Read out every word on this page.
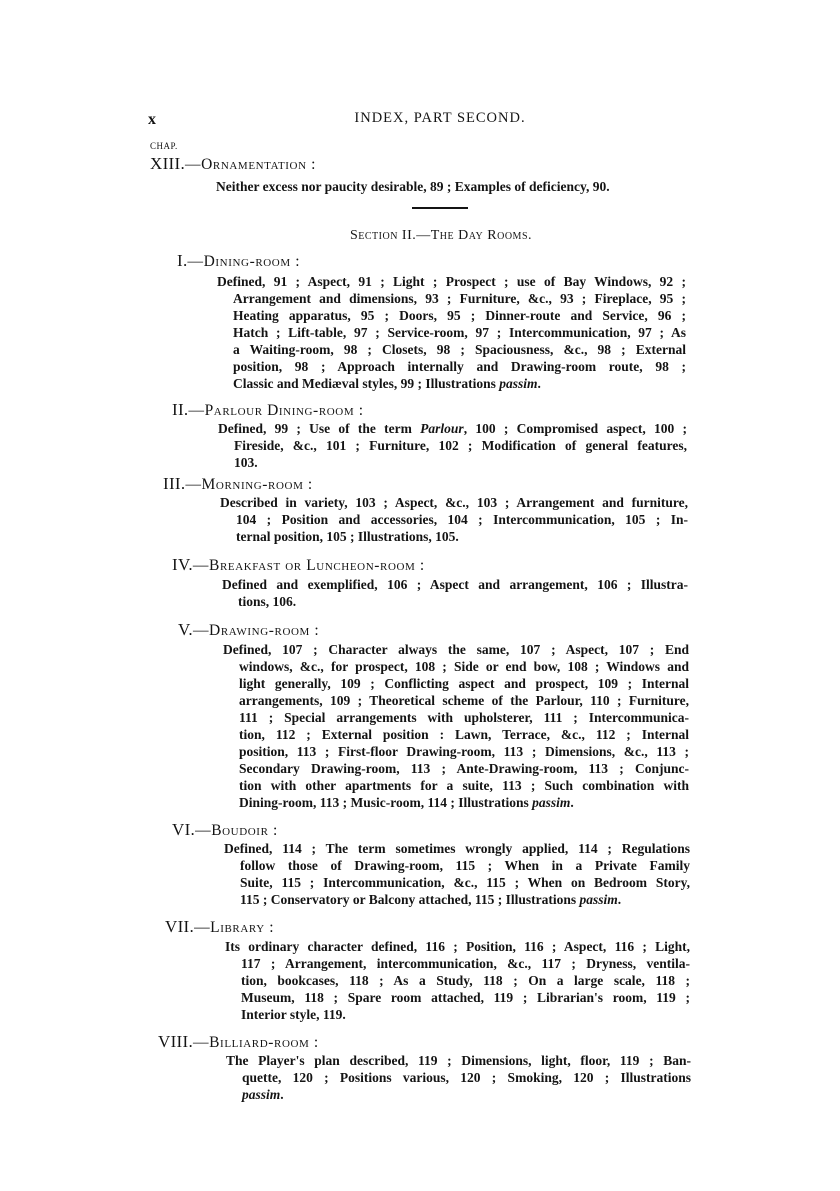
x	INDEX, PART SECOND.
CHAP.
XIII.—Ornamentation :
Neither excess nor paucity desirable, 89 ; Examples of deficiency, 90.
Section II.—The Day Rooms.
I.—Dining-room :
Defined, 91 ; Aspect, 91 ; Light ; Prospect ; use of Bay Windows, 92 ;
Arrangement and dimensions, 93 ; Furniture, &c., 93 ; Fireplace, 95 ;
Heating apparatus, 95 ; Doors, 95 ; Dinner-route and Service, 96 ;
Hatch ; Lift-table, 97 ; Service-room, 97 ; Intercommunication, 97 ; As
a Waiting-room, 98 ; Closets, 98 ; Spaciousness, &c., 98 ; External
position, 98 ; Approach internally and Drawing-room route, 98 ;
Classic and Mediæval styles, 99 ; Illustrations passim.
II.—Parlour Dining-room :
Defined, 99 ; Use of the term Parlour, 100 ; Compromised aspect, 100 ;
Fireside, &c., 101 ; Furniture, 102 ; Modification of general features,
103.
III.—Morning-room :
Described in variety, 103 ; Aspect, &c., 103 ; Arrangement and furniture,
104 ; Position and accessories, 104 ; Intercommunication, 105 ; In-
ternal position, 105 ; Illustrations, 105.
IV.—Breakfast or Luncheon-room :
Defined and exemplified, 106 ; Aspect and arrangement, 106 ; Illustra-
tions, 106.
V.—Drawing-room :
Defined, 107 ; Character always the same, 107 ; Aspect, 107 ; End
windows, &c., for prospect, 108 ; Side or end bow, 108 ; Windows and
light generally, 109 ; Conflicting aspect and prospect, 109 ; Internal
arrangements, 109 ; Theoretical scheme of the Parlour, 110 ; Furniture,
111 ; Special arrangements with upholsterer, 111 ; Intercommunica-
tion, 112 ; External position : Lawn, Terrace, &c., 112 ; Internal
position, 113 ; First-floor Drawing-room, 113 ; Dimensions, &c., 113 ;
Secondary Drawing-room, 113 ; Ante-Drawing-room, 113 ; Conjunc-
tion with other apartments for a suite, 113 ; Such combination with
Dining-room, 113 ; Music-room, 114 ; Illustrations passim.
VI.—Boudoir :
Defined, 114 ; The term sometimes wrongly applied, 114 ; Regulations
follow those of Drawing-room, 115 ; When in a Private Family
Suite, 115 ; Intercommunication, &c., 115 ; When on Bedroom Story,
115 ; Conservatory or Balcony attached, 115 ; Illustrations passim.
VII.—Library :
Its ordinary character defined, 116 ; Position, 116 ; Aspect, 116 ; Light,
117 ; Arrangement, intercommunication, &c., 117 ; Dryness, ventila-
tion, bookcases, 118 ; As a Study, 118 ; On a large scale, 118 ;
Museum, 118 ; Spare room attached, 119 ; Librarian's room, 119 ;
Interior style, 119.
VIII.—Billiard-room :
The Player's plan described, 119 ; Dimensions, light, floor, 119 ; Ban-
quette, 120 ; Positions various, 120 ; Smoking, 120 ; Illustrations
passim.
